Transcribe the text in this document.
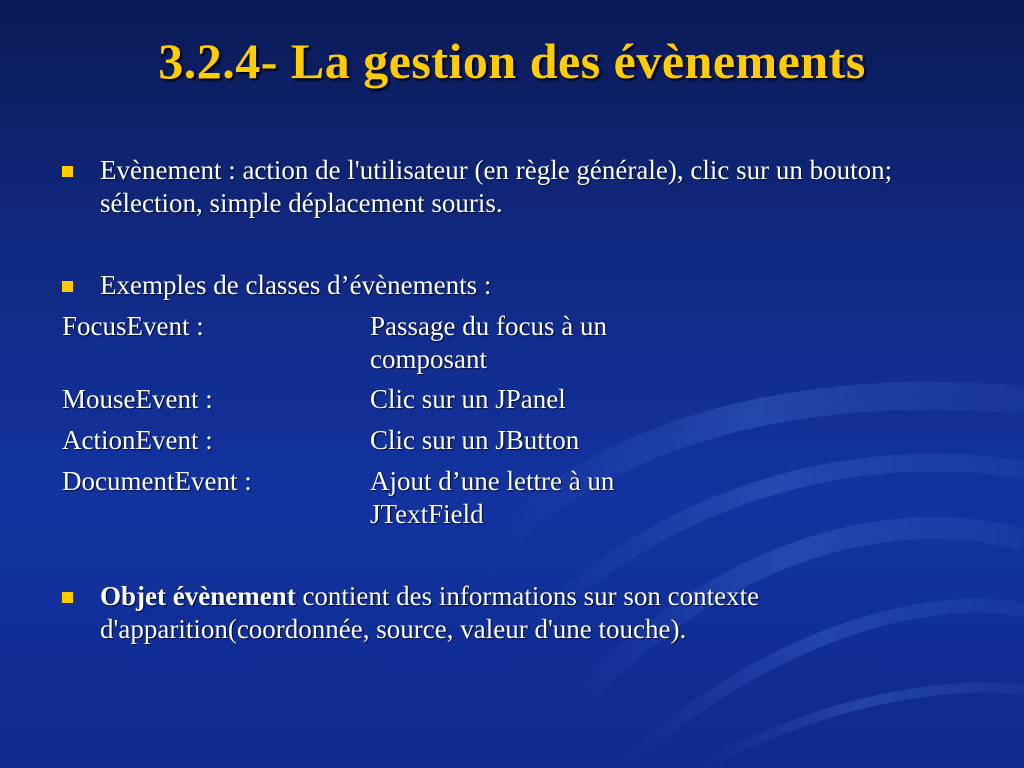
3.2.4- La gestion des évènements
Evènement : action de l'utilisateur (en règle générale), clic sur un bouton; sélection, simple déplacement souris.
Exemples de classes d’évènements :
FocusEvent :	Passage du focus à un composant
MouseEvent :	Clic sur un JPanel
ActionEvent :	Clic sur un JButton
DocumentEvent :	Ajout d’une lettre à un JTextField
Objet évènement contient des informations sur son contexte d'apparition(coordonnée, source, valeur d'une touche).
